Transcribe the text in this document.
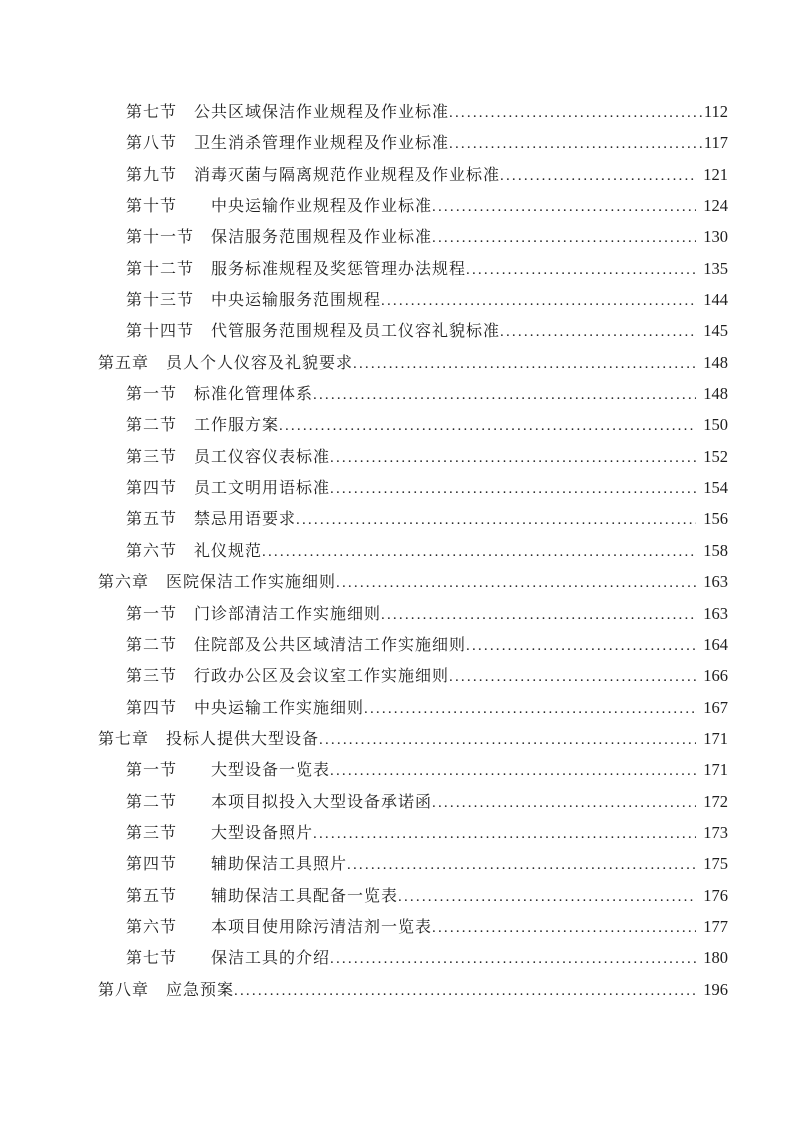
第七节　公共区域保洁作业规程及作业标准 .....	112
第八节　卫生消杀管理作业规程及作业标准 .....	117
第九节　消毒灭菌与隔离规范作业规程及作业标准 .....	121
第十节　　中央运输作业规程及作业标准 .....	124
第十一节　保洁服务范围规程及作业标准 .....	130
第十二节　服务标准规程及奖惩管理办法规程 .....	135
第十三节　中央运输服务范围规程 .....	144
第十四节　代管服务范围规程及员工仪容礼貌标准 .....	145
第五章　员人个人仪容及礼貌要求 .....	148
第一节　标准化管理体系 .....	148
第二节　工作服方案 .....	150
第三节　员工仪容仪表标准 .....	152
第四节　员工文明用语标准 .....	154
第五节　禁忌用语要求 .....	156
第六节　礼仪规范 .....	158
第六章　医院保洁工作实施细则 .....	163
第一节　门诊部清洁工作实施细则 .....	163
第二节　住院部及公共区域清洁工作实施细则 .....	164
第三节　行政办公区及会议室工作实施细则 .....	166
第四节　中央运输工作实施细则 .....	167
第七章　投标人提供大型设备 .....	171
第一节　　大型设备一览表 .....	171
第二节　　本项目拟投入大型设备承诺函 .....	172
第三节　　大型设备照片 .....	173
第四节　　辅助保洁工具照片 .....	175
第五节　　辅助保洁工具配备一览表 .....	176
第六节　　本项目使用除污清洁剂一览表 .....	177
第七节　　保洁工具的介绍 .....	180
第八章　应急预案 .....	196
